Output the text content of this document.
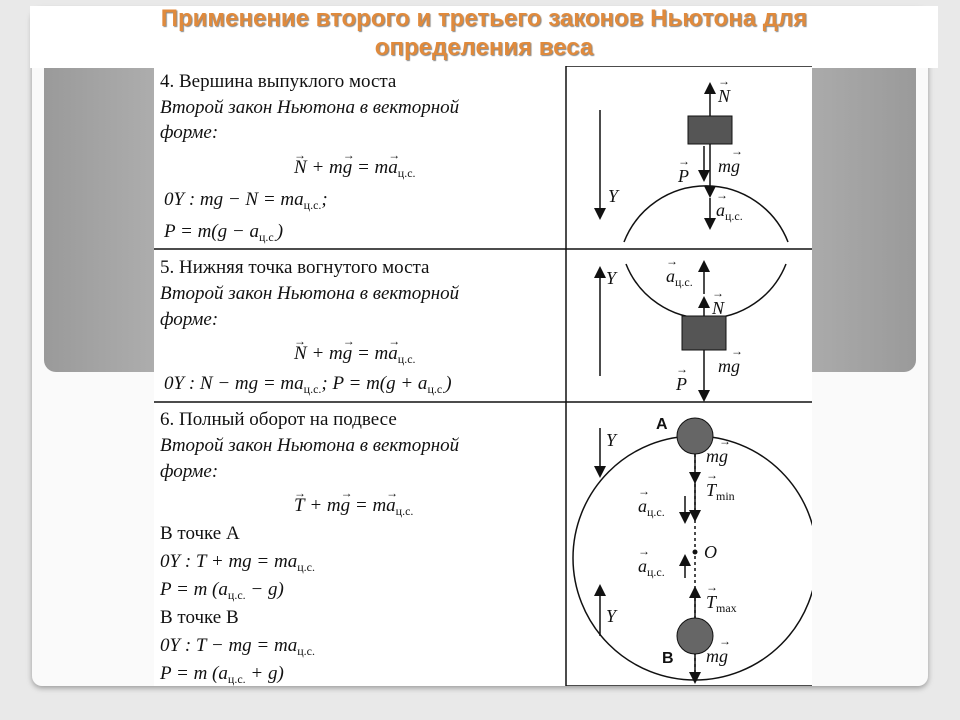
Применение второго и третьего законов Ньютона для
определения веса
4. Вершина выпуклого моста
Второй закон Ньютона в векторной
форме:
→ $N + m\to g = m\to a_{ц.с.}$
0Y : mg − $N = ma_{ц.с.}$;
$P = m(g - a_{ц.с.})$
5. Нижняя точка вогнутого моста
Второй закон Ньютона в векторной
форме:
→ $N + m\to g = m\to a_{ц.с.}$
0Y : N − mg = $ma_{ц.с.}$; $P = m(g + a_{ц.с.})$
6. Полный оборот на подвесе
Второй закон Ньютона в векторной
форме:
→ $T + m\to g = m\to a_{ц.с.}$
В точке А
0Y : T + mg = $ma_{ц.с.}$
P = m $(a_{ц.с.} - g)$
В точке В
0Y : T − mg = $ma_{ц.с.}$
P = m $(a_{ц.с.} + g)$
→ N
m→ g
→ P
→ $a_{ц.с.}$
Y
→ $a_{ц.с.}$
→ N
m→ g
→ P
Y
A
B
O
m→ g
→ $T_{min}$
→ $a_{ц.с.}$
→ $a_{ц.с.}$
→ $T_{max}$
m→ g
Y
Y
